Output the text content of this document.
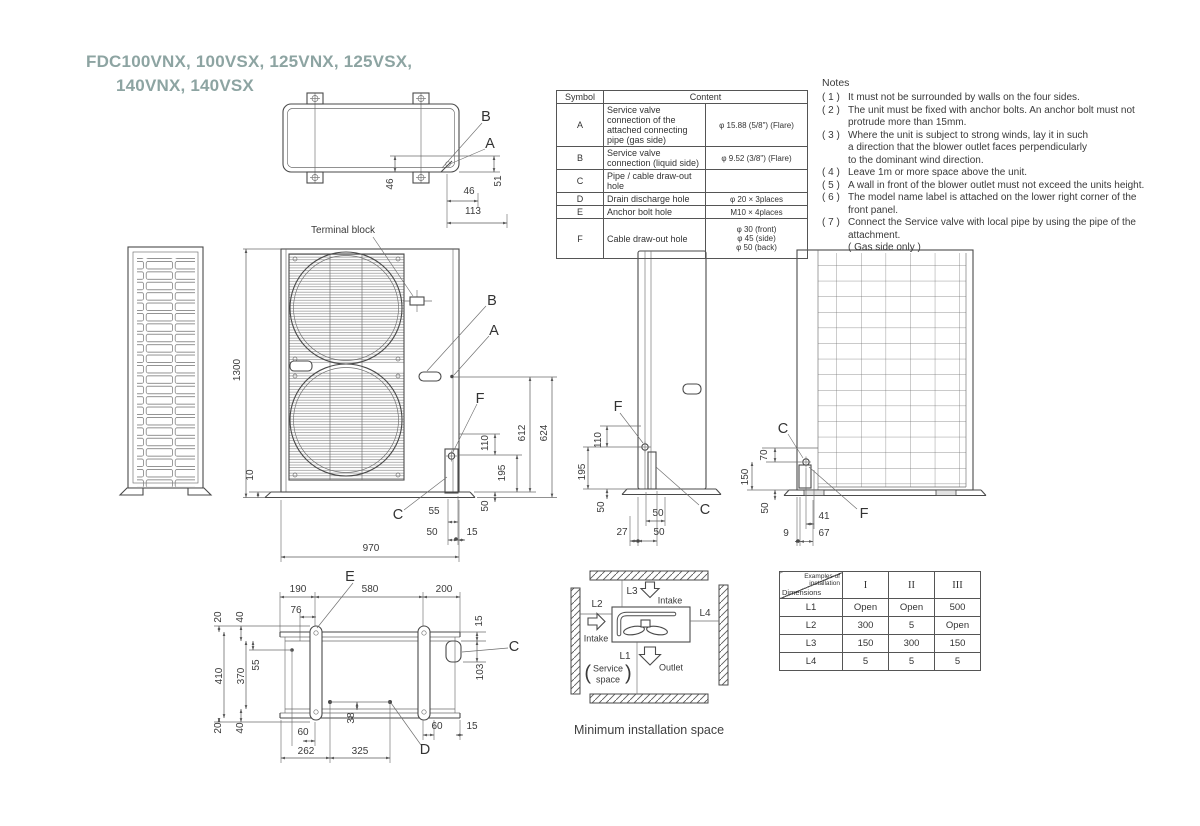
FDC100VNX, 100VSX, 125VNX, 125VSX,
140VNX, 140VSX
Symbol	Content	
A	Service valve connection of the attached connecting pipe (gas side)	φ 15.88 (5/8") (Flare)
B	Service valve connection (liquid side)	φ 9.52 (3/8") (Flare)
C	Pipe / cable draw-out hole	
D	Drain discharge hole	φ 20 × 3places
E	Anchor bolt hole	M10 × 4places
F	Cable draw-out hole	φ 30 (front)
φ 45 (side)
φ 50 (back)
Notes
( 1 ) It must not be surrounded by walls on the four sides.
( 2 ) The unit must be fixed with anchor bolts. An anchor bolt must not
protrude more than 15mm.
( 3 ) Where the unit is subject to strong winds, lay it in such
a direction that the blower outlet faces perpendicularly
to the dominant wind direction.
( 4 ) Leave 1m or more space above the unit.
( 5 ) A wall in front of the blower outlet must not exceed the units height.
( 6 ) The model name label is attached on the lower right corner of the front panel.
( 7 ) Connect the Service valve with local pipe by using the pipe of the attachment.
( Gas side only )
B
A
Terminal block
B
A
F
C
F
C
C
F
E
D
C
46	51
46
113
1300
10
612 624
110
195
50
55
50	15
970
110
195
50
50
27	50
70
150
50
41
9	67
190	580	200
76
20 40
410 370
55
20 40
15
103
60
262	325
38
60 15
L2
L3
L4
L1
Intake
Intake
Outlet
( Service
space )
Minimum installation space
Examples of
installation
Dimensions	I	II	III
L1	Open	Open	500
L2	300	5	Open
L3	150	300	150
L4	5	5	5
